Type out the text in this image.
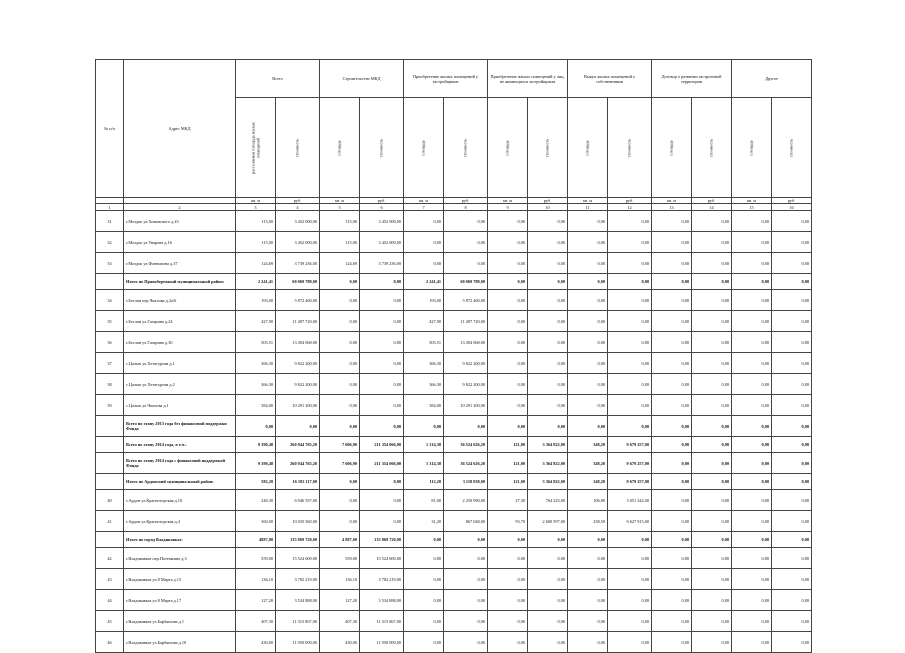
№ п/п	Адрес МКД	Всего		Строительство МКД		Приобретение жилых помещений у застройщиков		Приобретение жилых помещений у лиц, не являющихся застройщиком		Выкуп жилых помещений у собственников		Договор о развитии застроенной территории		Другое	

		расселяемая площадь жилых помещений	стоимость	площадь	стоимость	площадь	стоимость	площадь	стоимость	площадь	стоимость	площадь	стоимость	площадь	стоимость

		кв. м	руб.	кв. м	руб.	кв. м	руб.	кв. м	руб.	кв. м	руб.	кв. м	руб.	кв. м	руб.
1	2	3	4	5	6	7	8	9	10	11	12	13	14	15	16
31	г.Моздок ул.Хомовского д.43	115,00	3 452 000,00	115,00	3 452 000,00	0,00	0,00	0,00	0,00	0,00	0,00	0,00	0,00	0,00	0,00
32	г.Моздок ул.Уварова д.16	115,00	3 452 000,00	115,00	3 452 000,00	0,00	0,00	0,00	0,00	0,00	0,00	0,00	0,00	0,00	0,00
33	г.Моздок ул.Фонвизина д.37	124,69	3 739 236,00	124,69	3 739 236,00	0,00	0,00	0,00	0,00	0,00	0,00	0,00	0,00	0,00	0,00
	Итого по Правобережный муниципальный район:	2 241,41	60 069 788,00	0,00	0,00	2 241,41	60 069 788,00	0,00	0,00	0,00	0,00	0,00	0,00	0,00	0,00
34	г.Беслан пер.Чкалова д.2а/6	193,00	5 872 460,00	0,00	0,00	193,00	5 872 460,00	0,00	0,00	0,00	0,00	0,00	0,00	0,00	0,00
35	г.Беслан ул.Гагарина д.24	427,90	11 497 720,00	0,00	0,00	427,90	11 497 720,00	0,00	0,00	0,00	0,00	0,00	0,00	0,00	0,00
36	г.Беслан ул.Гагарина д.30	503,51	13 494 068,00	0,00	0,00	503,51	13 494 068,00	0,00	0,00	0,00	0,00	0,00	0,00	0,00	0,00
37	с.Цалык ул.Хетагурова д.1	366,30	9 822 200,00	0,00	0,00	366,30	9 822 200,00	0,00	0,00	0,00	0,00	0,00	0,00	0,00	0,00
38	с.Цалык ул.Хетагурова д.2	366,30	9 822 200,00	0,00	0,00	366,30	9 822 200,00	0,00	0,00	0,00	0,00	0,00	0,00	0,00	0,00
39	с.Цалык ул.Чкалова д.1	384,00	10 291 200,00	0,00	0,00	384,00	10 291 200,00	0,00	0,00	0,00	0,00	0,00	0,00	0,00	0,00
	Всего по этапу 2013 года без финансовой поддержки Фонда	0,00	0,00	0,00	0,00	0,00	0,00	0,00	0,00	0,00	0,00	0,00	0,00	0,00	0,00
	Всего по этапу 2014 года, в т.ч.:	9 390,48	260 944 765,20	7 606,90	211 354 066,00	1 314,38	36 524 626,20	121,00	3 364 822,00	348,20	9 679 257,00	0,00	0,00	0,00	0,00
	Всего по этапу 2014 года с финансовой поддержкой Фонда	9 390,48	260 944 765,20	7 606,90	211 354 066,00	1 314,38	36 524 626,20	121,00	3 364 822,00	348,20	9 679 257,00	0,00	0,00	0,00	0,00
	Итого по Ардонский муниципальный район:	582,20	16 182 117,00	0,00	0,00	112,20	3 118 038,00	121,00	3 364 822,00	348,20	9 679 257,00	0,00	0,00	0,00	0,00
40	г.Ардон ул.Красногорская д.10	248,30	6 946 557,00	0,00	0,00	81,00	2 250 990,00	27,30	764 225,00	106,80	3 051 342,00	0,00	0,00	0,00	0,00
41	г.Ардон ул.Красногорская д.4	360,00	10 035 560,00	0,00	0,00	31,20	867 048,00	93,70	2 600 597,00	238,50	6 627 915,00	0,00	0,00	0,00	0,00
	Итого по город Владикавказ:	4887,00	135 869 720,00	4 887,00	135 869 720,00	0,00	0,00	0,00	0,00	0,00	0,00	0,00	0,00	0,00	0,00
42	г.Владикавказ пер.Потемкина д.3	559,00	15 524 600,00	559,00	15 524 600,00	0,00	0,00	0,00	0,00	0,00	0,00	0,00	0,00	0,00	0,00
43	г.Владикавказ ул.8 Марта д.15	136,10	3 782 219,00	136,10	3 782 219,00	0,00	0,00	0,00	0,00	0,00	0,00	0,00	0,00	0,00	0,00
44	г.Владикавказ ул.8 Марта д.17	127,20	3 534 888,00	127,20	3 534 888,00	0,00	0,00	0,00	0,00	0,00	0,00	0,00	0,00	0,00	0,00
45	г.Владикавказ ул.Барбашова д.1	407,30	11 315 867,00	407,30	11 315 867,00	0,00	0,00	0,00	0,00	0,00	0,00	0,00	0,00	0,00	0,00
46	г.Владикавказ ул.Барбашова д.10	430,00	11 950 000,00	430,00	11 950 000,00	0,00	0,00	0,00	0,00	0,00	0,00	0,00	0,00	0,00	0,00
